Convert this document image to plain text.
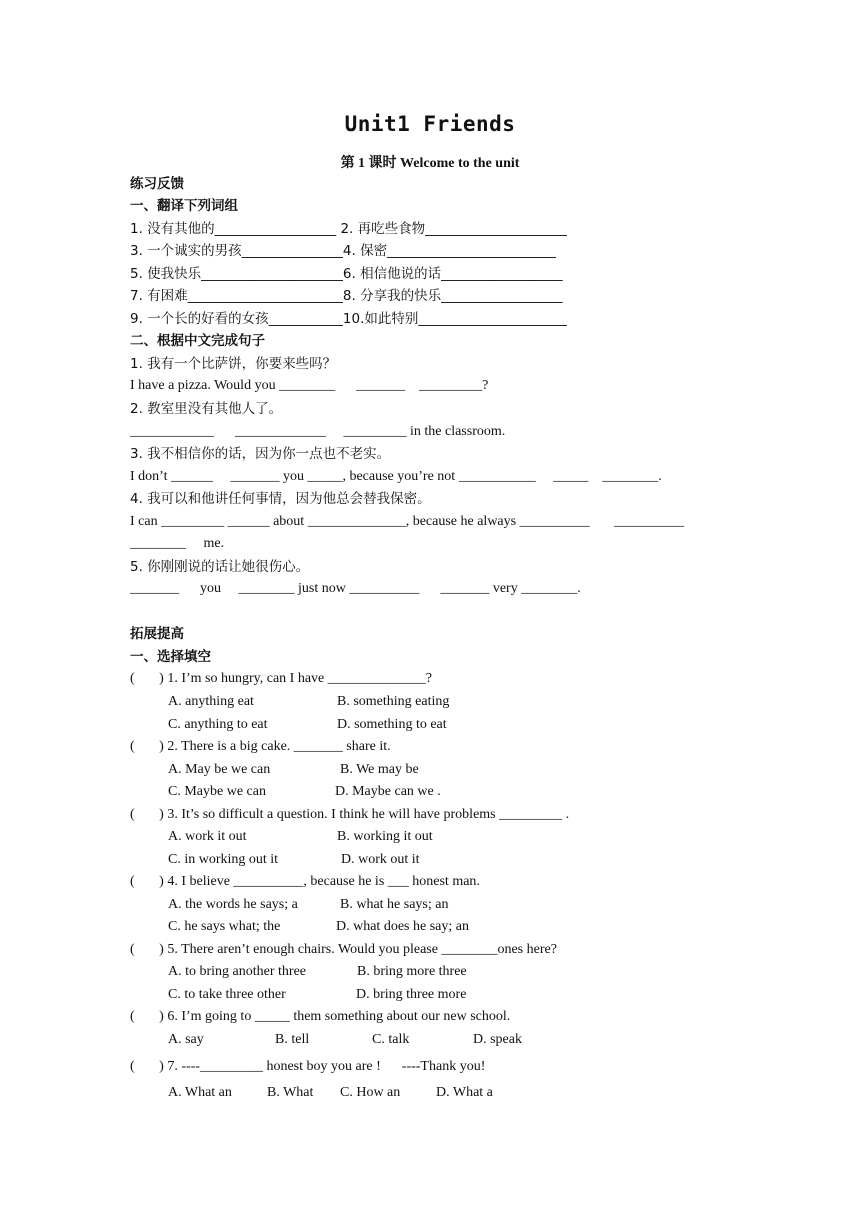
Unit1 Friends
第 1 课时 Welcome to the unit
练习反馈
一、翻译下列词组
1. 没有其他的__________________ 2. 再吃些食物_____________________
3. 一个诚实的男孩_______________4. 保密_________________________
5. 使我快乐_____________________6. 相信他说的话__________________
7. 有困难_______________________8. 分享我的快乐__________________
9. 一个长的好看的女孩___________10.如此特别______________________
二、根据中文完成句子
1. 我有一个比萨饼，你要来些吗？
I have a pizza. Would you ________      _______    _________?
2. 教室里没有其他人了。
____________      _____________     _________ in the classroom.
3. 我不相信你的话，因为你一点也不老实。
I don’t ______     _______ you _____, because you’re not ___________     _____    ________.
4. 我可以和他讲任何事情，因为他总会替我保密。
I can _________ ______ about ______________, because he always __________       __________
________     me.
5. 你刚刚说的话让她很伤心。
_______      you     ________ just now __________      _______ very ________.
拓展提高
一、选择填空
(       ) 1. I’m so hungry, can I have ______________?
A. anything eat	B. something eating
C. anything to eat	D. something to eat
(       ) 2. There is a big cake. _______ share it.
A. May be we can	B. We may be
C. Maybe we can	D. Maybe can we .
(       ) 3. It’s so difficult a question. I think he will have problems _________ .
A. work it out	B. working it out
C. in working out it	D. work out it
(       ) 4. I believe __________, because he is ___ honest man.
A. the words he says; a	B. what he says; an
C. he says what; the	D. what does he say; an
(       ) 5. There aren’t enough chairs. Would you please ________ones here?
A. to bring another three	B. bring more three
C. to take three other	D. bring three more
(       ) 6. I’m going to _____ them something about our new school.
A. say	B. tell	C. talk	D. speak
(       ) 7. ----_________ honest boy you are !      ----Thank you!
A. What an	B. What C. How an	D. What a
